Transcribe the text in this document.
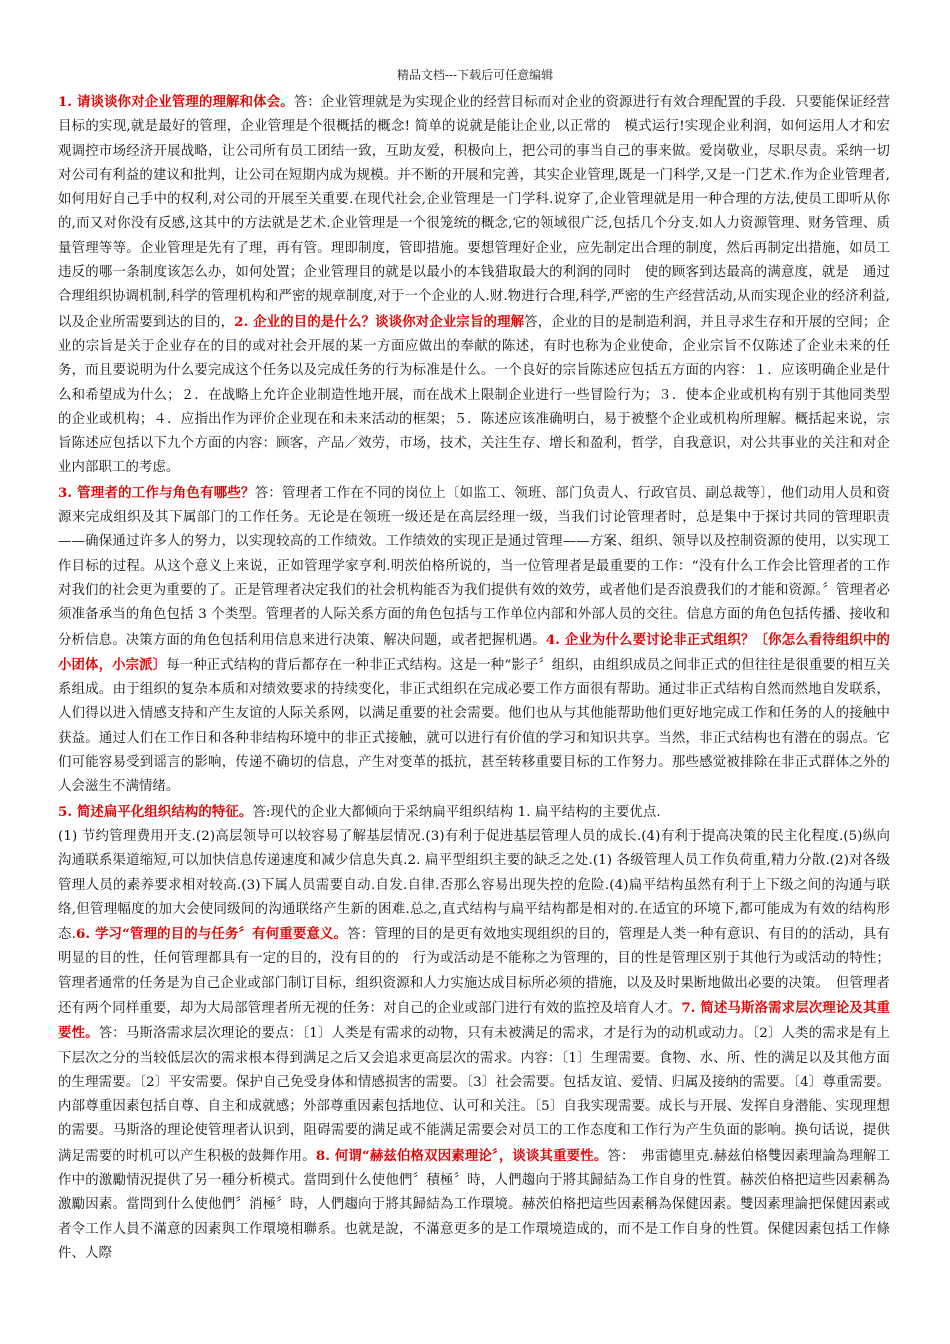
精品文档---下载后可任意编辑

1. 请谈谈你对企业管理的理解和体会。答：企业管理就是为实现企业的经营目标而对企业的资源进行有效合理配置的手段．只要能保证经营目标的实现,就是最好的管理，企业管理是个很概括的概念! 简单的说就是能让企业,以正常的　模式运行!实现企业利润，如何运用人才和宏观调控市场经济开展战略，让公司所有员工团结一致，互助友爱，积极向上，把公司的事当自己的事来做。爱岗敬业，尽职尽责。采纳一切对公司有利益的建议和批判，让公司在短期内成为规模。并不断的开展和完善，其实企业管理,既是一门科学,又是一门艺术.作为企业管理者,如何用好自己手中的权利,对公司的开展至关重要.在现代社会,企业管理是一门学科.说穿了,企业管理就是用一种合理的方法,使员工即听从你的,而又对你没有反感,这其中的方法就是艺术.企业管理是一个很笼统的概念,它的领域很广泛,包括几个分支.如人力资源管理、财务管理、质量管理等等。企业管理是先有了理，再有管。理即制度，管即措施。要想管理好企业，应先制定出合理的制度，然后再制定出措施，如员工违反的哪一条制度该怎么办，如何处置；企业管理目的就是以最小的本钱猎取最大的利润的同时　使的顾客到达最高的满意度，就是　通过合理组织协调机制,科学的管理机构和严密的规章制度,对于一个企业的人.财.物进行合理,科学,严密的生产经营活动,从而实现企业的经济利益,以及企业所需要到达的目的，2. 企业的目的是什么？谈谈你对企业宗旨的理解答，企业的目的是制造利润，并且寻求生存和开展的空间；企业的宗旨是关于企业存在的目的或对社会开展的某一方面应做出的奉献的陈述，有时也称为企业使命，企业宗旨不仅陈述了企业未来的任务，而且要说明为什么要完成这个任务以及完成任务的行为标准是什么。一个良好的宗旨陈述应包括五方面的内容：１．应该明确企业是什么和希望成为什么；２．在战略上允许企业制造性地开展，而在战术上限制企业进行一些冒险行为；３．使本企业或机构有别于其他同类型的企业或机构；４．应指出作为评价企业现在和未来活动的框架；５．陈述应该准确明白，易于被整个企业或机构所理解。概括起来说，宗旨陈述应包括以下九个方面的内容：顾客，产品／效劳，市场，技术，关注生存、增长和盈利，哲学，自我意识，对公共事业的关注和对企业内部职工的考虑。

3. 管理者的工作与角色有哪些？答：管理者工作在不同的岗位上〔如监工、领班、部门负责人、行政官员、副总裁等〕，他们动用人员和资源来完成组织及其下属部门的工作任务。无论是在领班一级还是在高层经理一级，当我们讨论管理者时，总是集中于探讨共同的管理职责——确保通过许多人的努力，以实现较高的工作绩效。工作绩效的实现正是通过管理——方案、组织、领导以及控制资源的使用，以实现工作目标的过程。从这个意义上来说，正如管理学家亨利.明茨伯格所说的，当一位管理者是最重要的工作：“没有什么工作会比管理者的工作对我们的社会更为重要的了。正是管理者决定我们的社会机构能否为我们提供有效的效劳，或者他们是否浪费我们的才能和资源。〞管理者必须准备承当的角色包括 3 个类型。管理者的人际关系方面的角色包括与工作单位内部和外部人员的交往。信息方面的角色包括传播、接收和分析信息。决策方面的角色包括利用信息来进行决策、解决问题，或者把握机遇。4. 企业为什么要讨论非正式组织？〔你怎么看待组织中的小团体，小宗派〕每一种正式结构的背后都存在一种非正式结构。这是一种“影子〞组织，由组织成员之间非正式的但往往是很重要的相互关系组成。由于组织的复杂本质和对绩效要求的持续变化，非正式组织在完成必要工作方面很有帮助。通过非正式结构自然而然地自发联系，人们得以进入情感支持和产生友谊的人际关系网，以满足重要的社会需要。他们也从与其他能帮助他们更好地完成工作和任务的人的接触中获益。通过人们在工作日和各种非结构环境中的非正式接触，就可以进行有价值的学习和知识共享。当然，非正式结构也有潜在的弱点。它们可能容易受到谣言的影响，传递不确切的信息，产生对变革的抵抗，甚至转移重要目标的工作努力。那些感觉被排除在非正式群体之外的人会滋生不满情绪。

5. 简述扁平化组织结构的特征。答:现代的企业大都倾向于采纳扁平组织结构 1. 扁平结构的主要优点.

(1) 节约管理费用开支.(2)高层领导可以较容易了解基层情况.(3)有利于促进基层管理人员的成长.(4)有利于提高决策的民主化程度.(5)纵向沟通联系渠道缩短,可以加快信息传递速度和减少信息失真.2. 扁平型组织主要的缺乏之处.(1) 各级管理人员工作负荷重,精力分散.(2)对各级管理人员的素养要求相对较高.(3)下属人员需要自动.自发.自律.否那么容易出现失控的危险.(4)扁平结构虽然有利于上下级之间的沟通与联络,但管理幅度的加大会使同级间的沟通联络产生新的困难.总之,直式结构与扁平结构都是相对的.在适宜的环境下,都可能成为有效的结构形态.6. 学习“管理的目的与任务〞有何重要意义。答：管理的目的是更有效地实现组织的目的，管理是人类一种有意识、有目的的活动，具有明显的目的性，任何管理都具有一定的目的，没有目的的　行为或活动是不能称之为管理的，目的性是管理区别于其他行为或活动的特性；管理者通常的任务是为自己企业或部门制订目标，组织资源和人力实施达成目标所必须的措施，以及及时果断地做出必要的决策。　但管理者还有两个同样重要，却为大局部管理者所无视的任务：对自己的企业或部门进行有效的监控及培育人才。7. 简述马斯洛需求层次理论及其重要性。答：马斯洛需求层次理论的要点：〔1〕人类是有需求的动物，只有未被满足的需求，才是行为的动机或动力。〔2〕人类的需求是有上下层次之分的当较低层次的需求根本得到满足之后又会追求更高层次的需求。内容：〔1〕生理需要。食物、水、所、性的满足以及其他方面的生理需要。〔2〕平安需要。保护自己免受身体和情感损害的需要。〔3〕社会需要。包括友谊、爱情、归属及接纳的需要。〔4〕尊重需要。内部尊重因素包括自尊、自主和成就感；外部尊重因素包括地位、认可和关注。〔5〕自我实现需要。成长与开展、发挥自身潜能、实现理想的需要。马斯洛的理论使管理者认识到，阻碍需要的满足或不能满足需要会对员工的工作态度和工作行为产生负面的影响。换句话说，提供满足需要的时机可以产生积极的鼓舞作用。8. 何谓“赫兹伯格双因素理论〞，谈谈其重要性。答：　弗雷德里克.赫兹伯格雙因素理論為理解工作中的激勵情況提供了另一種分析模式。當問到什么使他們〞積極〞時，人們趨向于將其歸結為工作自身的性質。赫茨伯格把這些因素稱為激勵因素。當問到什么使他們〞消極〞時，人們趨向于將其歸結為工作環境。赫茨伯格把這些因素稱為保健因素。雙因素理論把保健因素或者令工作人員不滿意的因素與工作環境相聯系。也就是說，不滿意更多的是工作環境造成的，而不是工作自身的性質。保健因素包括工作條件、人際
